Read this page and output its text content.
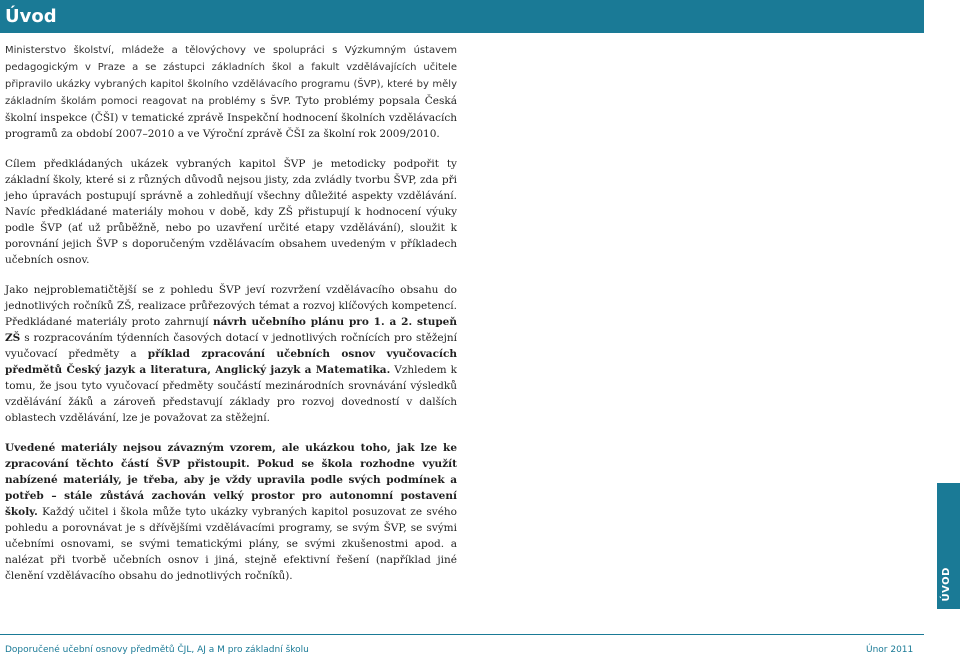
Úvod

Ministerstvo školství, mládeže a tělovýchovy ve spolupráci s Výzkumným ústavem pedagogickým v Praze a se zástupci základních škol a fakult vzdělávajících učitele připravilo ukázky vybraných kapitol školního vzdělávacího programu (ŠVP), které by měly základním školám pomoci reagovat na problémy s ŠVP. Tyto problémy popsala Česká školní inspekce (ČŠI) v tematické zprávě Inspekční hodnocení školních vzdělávacích programů za období 2007–2010 a ve Výroční zprávě ČŠI za školní rok 2009/2010.

Cílem předkládaných ukázek vybraných kapitol ŠVP je metodicky podpořit ty základní školy, které si z různých důvodů nejsou jisty, zda zvládly tvorbu ŠVP, zda při jeho úpravách postupují správně a zohledňují všechny důležité aspekty vzdělávání. Navíc předkládané materiály mohou v době, kdy ZŠ přistupují k hodnocení výuky podle ŠVP (ať už průběžně, nebo po uzavření určité etapy vzdělávání), sloužit k porovnání jejich ŠVP s doporučeným vzdělávacím obsahem uvedeným v příkladech učebních osnov.

Jako nejproblematičtější se z pohledu ŠVP jeví rozvržení vzdělávacího obsahu do jednotlivých ročníků ZŠ, realizace průřezových témat a rozvoj klíčových kompetencí. Předkládané materiály proto zahrnují návrh učebního plánu pro 1. a 2. stupeň ZŠ s rozpracováním týdenních časových dotací v jednotlivých ročnících pro stěžejní vyučovací předměty a příklad zpracování učebních osnov vyučovacích předmětů Český jazyk a literatura, Anglický jazyk a Matematika. Vzhledem k tomu, že jsou tyto vyučovací předměty součástí mezinárodních srovnávání výsledků vzdělávání žáků a zároveň představují základy pro rozvoj dovedností v dalších oblastech vzdělávání, lze je považovat za stěžejní.

Uvedené materiály nejsou závazným vzorem, ale ukázkou toho, jak lze ke zpracování těchto částí ŠVP přistoupit. Pokud se škola rozhodne využít nabízené materiály, je třeba, aby je vždy upravila podle svých podmínek a potřeb – stále zůstává zachován velký prostor pro autonomní postavení školy. Každý učitel i škola může tyto ukázky vybraných kapitol posuzovat ze svého pohledu a porovnávat je s dřívějšími vzdělávacími programy, se svým ŠVP, se svými učebními osnovami, se svými tematickými plány, se svými zkušenostmi apod. a nalézat při tvorbě učebních osnov i jiná, stejně efektivní řešení (například jiné členění vzdělávacího obsahu do jednotlivých ročníků).	ÚVOD
Doporučené učební osnovy předmětů ČJL, AJ a M pro základní školu	Únor 2011
